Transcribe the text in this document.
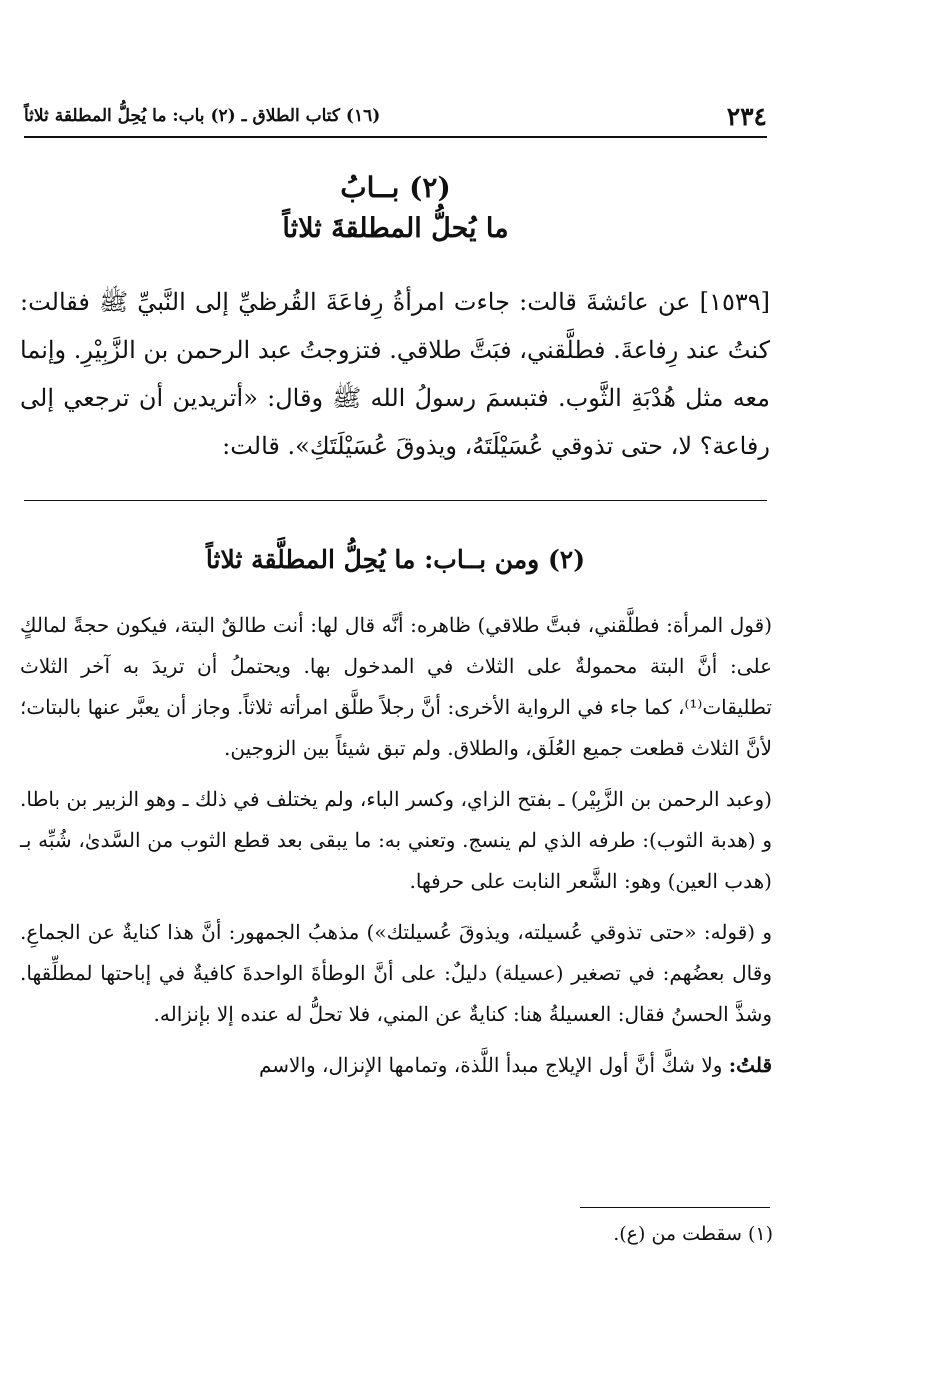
٢٣٤
(١٦) كتاب الطلاق ـ (٢) باب: ما يُحِلُّ المطلقة ثلاثاً
(٢) بــابُ
ما يُحلُّ المطلقةَ ثلاثاً

[١٥٣٩] عن عائشةَ قالت: جاءت امرأةُ رِفاعَةَ القُرظيِّ إلى النَّبيِّ ﷺ فقالت: كنتُ عند رِفاعةَ. فطلَّقني، فبَتَّ طلاقي. فتزوجتُ عبد الرحمن بن الزَّبِيْرِ. وإنما معه مثل هُدْبَةِ الثَّوب. فتبسمَ رسولُ الله ﷺ وقال: «أتريدين أن ترجعي إلى رفاعة؟ لا، حتى تذوقي عُسَيْلَتَهُ، ويذوقَ عُسَيْلَتَكِ». قالت:

(٢) ومن بــاب: ما يُحِلُّ المطلَّقة ثلاثاً

(قول المرأة: فطلَّقني، فبتَّ طلاقي) ظاهره: أنَّه قال لها: أنت طالقٌ البتة، فيكون حجةً لمالكٍ على: أنَّ البتة محمولةٌ على الثلاث في المدخول بها. ويحتملُ أن تريدَ به آخر الثلاث تطليقات⁽¹⁾، كما جاء في الرواية الأخرى: أنَّ رجلاً طلَّق امرأته ثلاثاً. وجاز أن يعبَّر عنها بالبتات؛ لأنَّ الثلاث قطعت جميع العُلَق، والطلاق. ولم تبق شيئاً بين الزوجين.

(وعبد الرحمن بن الزَّبِيْر) ـ بفتح الزاي، وكسر الباء، ولم يختلف في ذلك ـ وهو الزبير بن باطا. و (هدبة الثوب): طرفه الذي لم ينسج. وتعني به: ما يبقى بعد قطع الثوب من السَّدىٰ، شُبِّه بـ (هدب العين) وهو: الشَّعر النابت على حرفها.

و (قوله: «حتى تذوقي عُسيلته، ويذوقَ عُسيلتك») مذهبُ الجمهور: أنَّ هذا كنايةٌ عن الجماعِ. وقال بعضُهم: في تصغير (عسيلة) دليلٌ: على أنَّ الوطأةَ الواحدةَ كافيةٌ في إباحتها لمطلِّقها. وشذَّ الحسنُ فقال: العسيلةُ هنا: كنايةٌ عن المني، فلا تحلُّ له عنده إلا بإنزاله.

قلتُ: ولا شكَّ أنَّ أول الإيلاج مبدأ اللَّذة، وتمامها الإنزال، والاسم

(١) سقطت من (ع).
